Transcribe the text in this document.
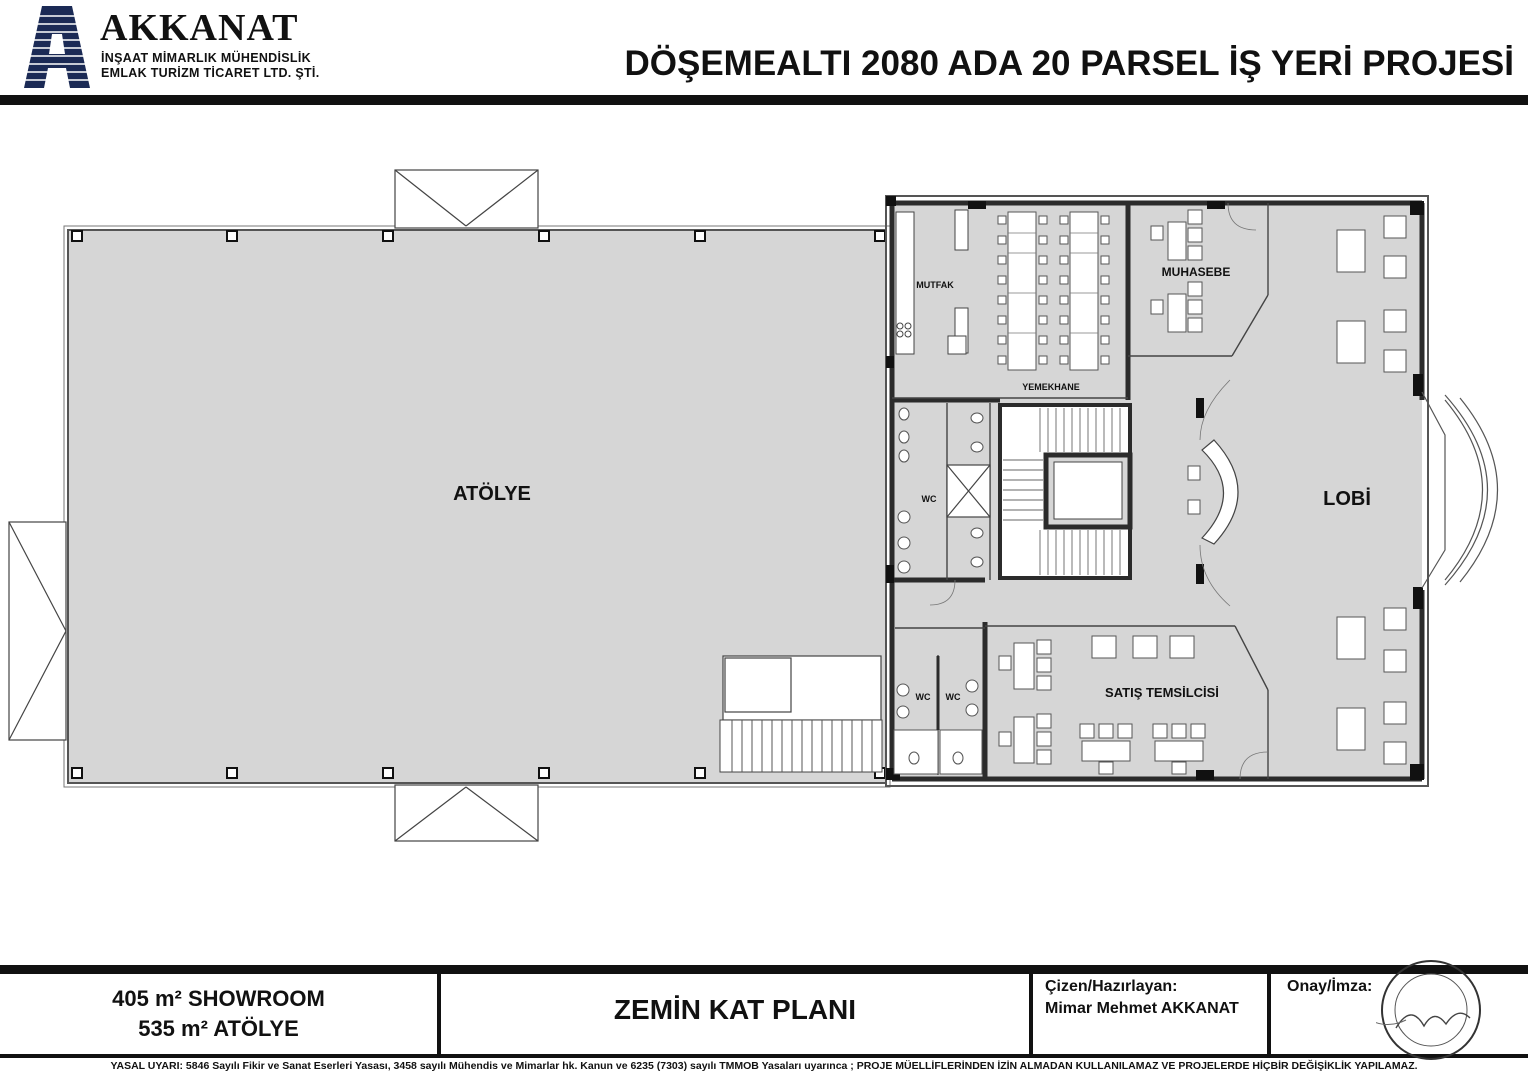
AKKANAT
İNŞAAT MİMARLIK MÜHENDİSLİK
EMLAK TURİZM TİCARET LTD. ŞTİ.	DÖŞEMEALTI 2080 ADA 20 PARSEL İŞ YERİ PROJESİ
ATÖLYE
MUTFAK
YEMEKHANE
MUHASEBE
WC	LOBİ
WC WC	SATIŞ TEMSİLCİSİ
405 m² SHOWROOM
535 m² ATÖLYE
ZEMİN KAT PLANI
Çizen/Hazırlayan:
Mimar Mehmet AKKANAT
Onay/İmza:
YASAL UYARI: 5846 Sayılı Fikir ve Sanat Eserleri Yasası, 3458 sayılı Mühendis ve Mimarlar hk. Kanun ve 6235 (7303) sayılı TMMOB Yasaları uyarınca ; PROJE MÜELLİFLERİNDEN İZİN ALMADAN KULLANILAMAZ VE PROJELERDE HİÇBİR DEĞİŞİKLİK YAPILAMAZ.
